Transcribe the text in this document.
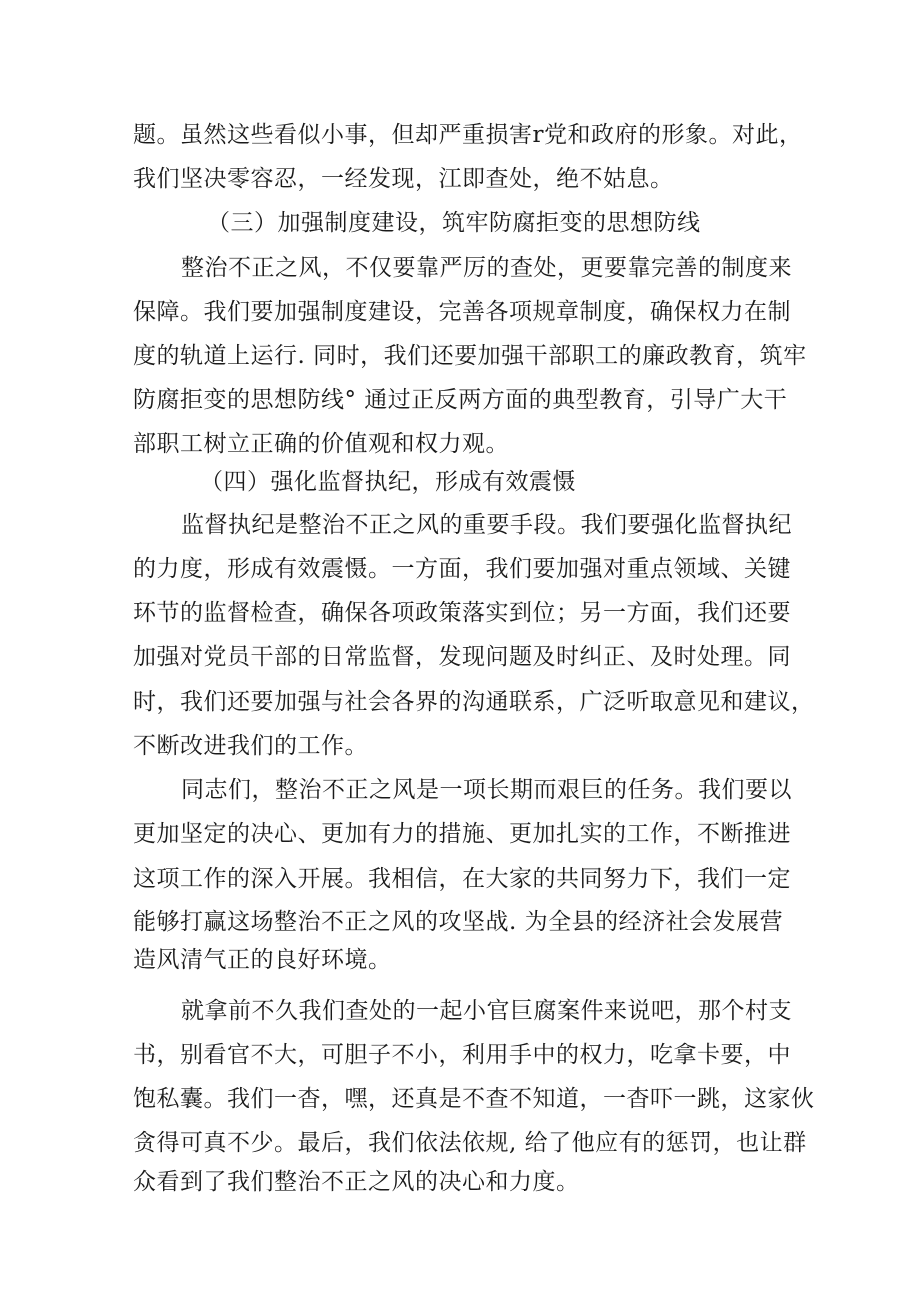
题。虽然这些看似小事，但却严重损害r党和政府的形象。对此，
我们坚决零容忍，一经发现，江即查处，绝不姑息。
（三）加强制度建设，筑牢防腐拒变的思想防线
整治不正之风，不仅要靠严厉的查处，更要靠完善的制度来
保障。我们要加强制度建设，完善各项规章制度，确保权力在制
度的轨道上运行. 同时，我们还要加强干部职工的廉政教育，筑牢
防腐拒变的思想防线° 通过正反两方面的典型教育，引导广大干
部职工树立正确的价值观和权力观。
（四）强化监督执纪，形成有效震慑
监督执纪是整治不正之风的重要手段。我们要强化监督执纪
的力度，形成有效震慑。一方面，我们要加强对重点领域、关键
环节的监督检查，确保各项政策落实到位；另一方面，我们还要
加强对党员干部的日常监督，发现问题及时纠正、及时处理。同
时，我们还要加强与社会各界的沟通联系，广泛听取意见和建议，
不断改进我们的工作。
同志们，整治不正之风是一项长期而艰巨的任务。我们要以
更加坚定的决心、更加有力的措施、更加扎实的工作，不断推进
这项工作的深入开展。我相信，在大家的共同努力下，我们一定
能够打赢这场整治不正之风的攻坚战. 为全县的经济社会发展营
造风清气正的良好环境。
就拿前不久我们查处的一起小官巨腐案件来说吧，那个村支
书，别看官不大，可胆子不小，利用手中的权力，吃拿卡要，中
饱私囊。我们一杳，嘿，还真是不查不知道，一杳吓一跳，这家伙
贪得可真不少。最后，我们依法依规, 给了他应有的惩罚，也让群
众看到了我们整治不正之风的决心和力度。
